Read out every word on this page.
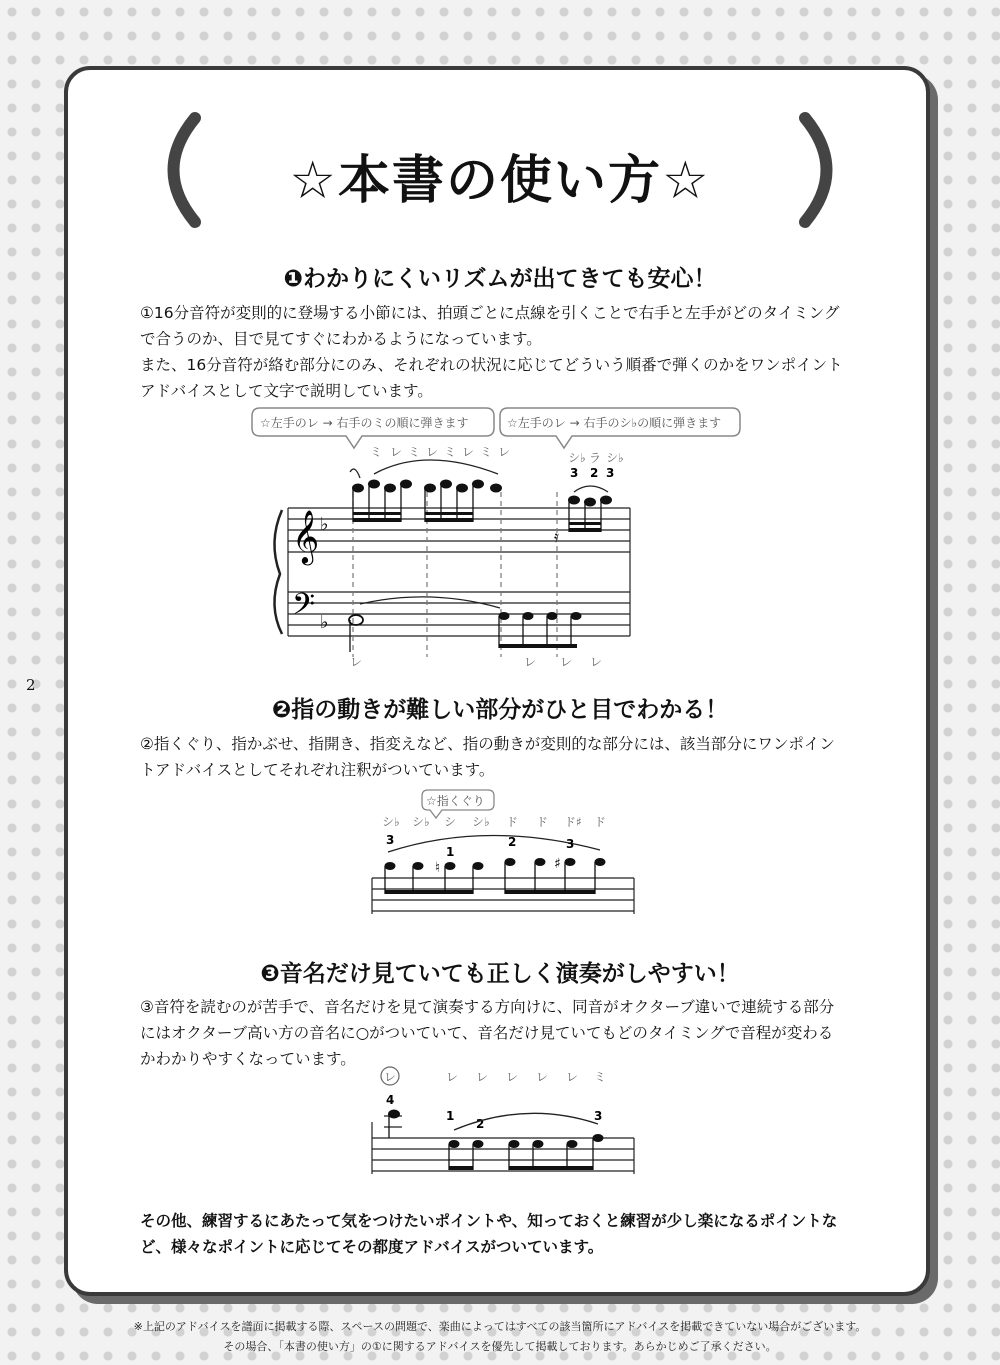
☆本書の使い方☆
❶わかりにくいリズムが出てきても安心！
①16分音符が変則的に登場する小節には、拍頭ごとに点線を引くことで右手と左手がどのタイミング
で合うのか、目で見てすぐにわかるようになっています。
また、16分音符が絡む部分にのみ、それぞれの状況に応じてどういう順番で弾くのかをワンポイント
アドバイスとして文字で説明しています。
☆左手のレ → 右手のミの順に弾きます	☆左手のレ → 右手のシ♭の順に弾きます
ミ レ ミ レ ミ レ ミ レ	シ♭ ラ シ♭
3 2 3
𝄞 ♭
𝄢 ♭
𝄿
レ	レ レ レ
2
❷指の動きが難しい部分がひと目でわかる！
②指くぐり、指かぶせ、指開き、指変えなど、指の動きが変則的な部分には、該当部分にワンポイン
トアドバイスとしてそれぞれ注釈がついています。
☆指くぐり
シ♭ シ♭ シ シ♭ ド ド ド♯ ド
3
1
2	3
♮	♯
❸音名だけ見ていても正しく演奏がしやすい！
③音符を読むのが苦手で、音名だけを見て演奏する方向けに、同音がオクターブ違いで連続する部分
にはオクターブ高い方の音名に○がついていて、音名だけ見ていてもどのタイミングで音程が変わる
かわかりやすくなっています。
レ	レ レ レ レ レ ミ
4
1
2
3
その他、練習するにあたって気をつけたいポイントや、知っておくと練習が少し楽になるポイントな
ど、様々なポイントに応じてその都度アドバイスがついています。
※上記のアドバイスを譜面に掲載する際、スペースの問題で、楽曲によってはすべての該当箇所にアドバイスを掲載できていない場合がございます。
その場合、「本書の使い方」の①に関するアドバイスを優先して掲載しております。あらかじめご了承ください。
